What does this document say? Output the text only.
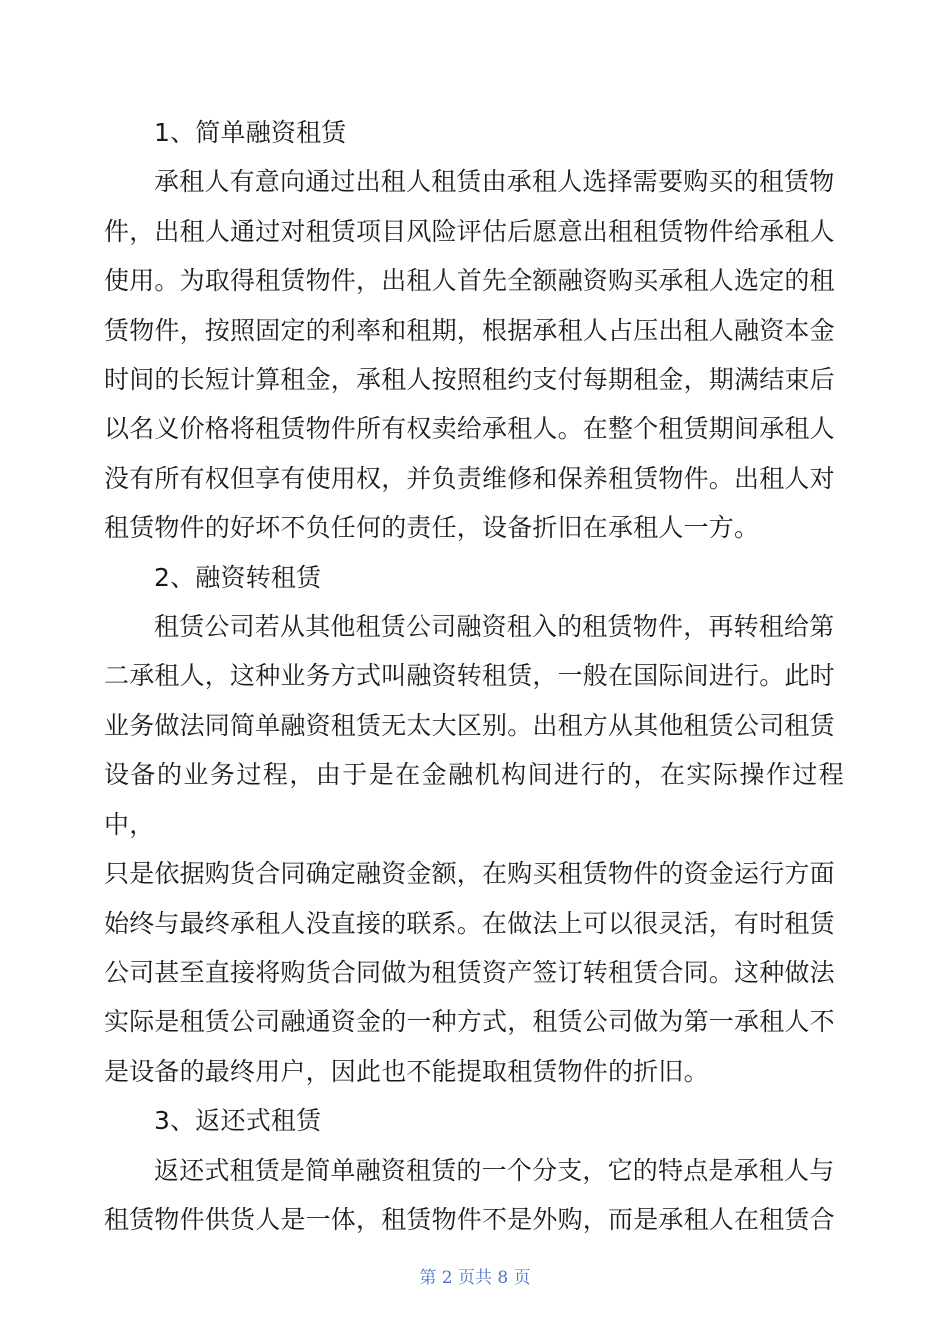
1、简单融资租赁

承租人有意向通过出租人租赁由承租人选择需要购买的租赁物
件，出租人通过对租赁项目风险评估后愿意出租租赁物件给承租人
使用。为取得租赁物件，出租人首先全额融资购买承租人选定的租
赁物件，按照固定的利率和租期，根据承租人占压出租人融资本金
时间的长短计算租金，承租人按照租约支付每期租金，期满结束后
以名义价格将租赁物件所有权卖给承租人。在整个租赁期间承租人
没有所有权但享有使用权，并负责维修和保养租赁物件。出租人对
租赁物件的好坏不负任何的责任，设备折旧在承租人一方。

2、融资转租赁

租赁公司若从其他租赁公司融资租入的租赁物件，再转租给第
二承租人，这种业务方式叫融资转租赁，一般在国际间进行。此时
业务做法同简单融资租赁无太大区别。出租方从其他租赁公司租赁
设备的业务过程，由于是在金融机构间进行的，在实际操作过程中，
只是依据购货合同确定融资金额，在购买租赁物件的资金运行方面
始终与最终承租人没直接的联系。在做法上可以很灵活，有时租赁
公司甚至直接将购货合同做为租赁资产签订转租赁合同。这种做法
实际是租赁公司融通资金的一种方式，租赁公司做为第一承租人不
是设备的最终用户，因此也不能提取租赁物件的折旧。

3、返还式租赁

返还式租赁是简单融资租赁的一个分支，它的特点是承租人与
租赁物件供货人是一体，租赁物件不是外购，而是承租人在租赁合

第 2 页共 8 页
